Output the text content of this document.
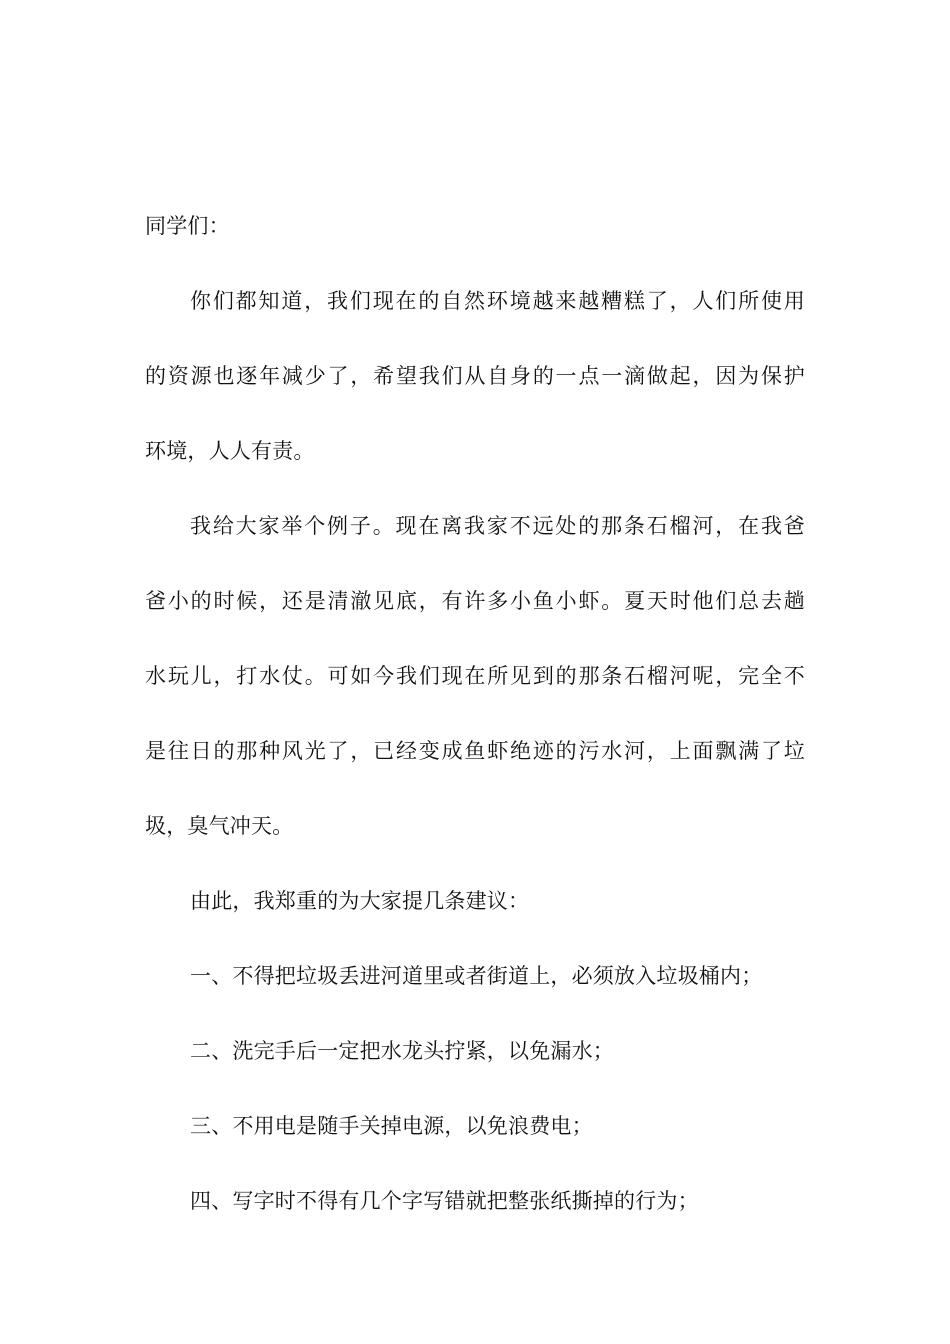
同学们：
你们都知道，我们现在的自然环境越来越糟糕了，人们所使用
的资源也逐年减少了，希望我们从自身的一点一滴做起，因为保护
环境，人人有责。
我给大家举个例子。现在离我家不远处的那条石榴河，在我爸
爸小的时候，还是清澈见底，有许多小鱼小虾。夏天时他们总去趟
水玩儿，打水仗。可如今我们现在所见到的那条石榴河呢，完全不
是往日的那种风光了，已经变成鱼虾绝迹的污水河，上面飘满了垃
圾，臭气冲天。
由此，我郑重的为大家提几条建议：
一、不得把垃圾丢进河道里或者街道上，必须放入垃圾桶内；
二、洗完手后一定把水龙头拧紧，以免漏水；
三、不用电是随手关掉电源，以免浪费电；
四、写字时不得有几个字写错就把整张纸撕掉的行为；
